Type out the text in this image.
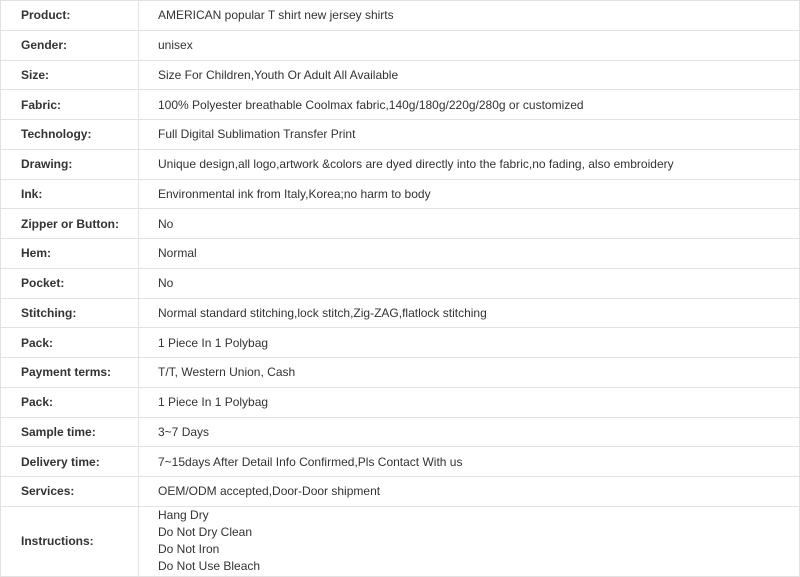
Product:	AMERICAN popular T shirt new jersey shirts
Gender:	unisex
Size:	Size For Children,Youth Or Adult All Available
Fabric:	100% Polyester breathable Coolmax fabric,140g/180g/220g/280g or customized
Technology:	Full Digital Sublimation Transfer Print
Drawing:	Unique design,all logo,artwork &colors are dyed directly into the fabric,no fading, also embroidery
Ink:	Environmental ink from Italy,Korea;no harm to body
Zipper or Button:	No
Hem:	Normal
Pocket:	No
Stitching:	Normal standard stitching,lock stitch,Zig-ZAG,flatlock stitching
Pack:	1 Piece In 1 Polybag
Payment terms:	T/T, Western Union, Cash
Pack:	1 Piece In 1 Polybag
Sample time:	3~7 Days
Delivery time:	7~15days After Detail Info Confirmed,Pls Contact With us
Services:	OEM/ODM accepted,Door-Door shipment
Instructions:	Hang Dry
Do Not Dry Clean
Do Not Iron
Do Not Use Bleach
